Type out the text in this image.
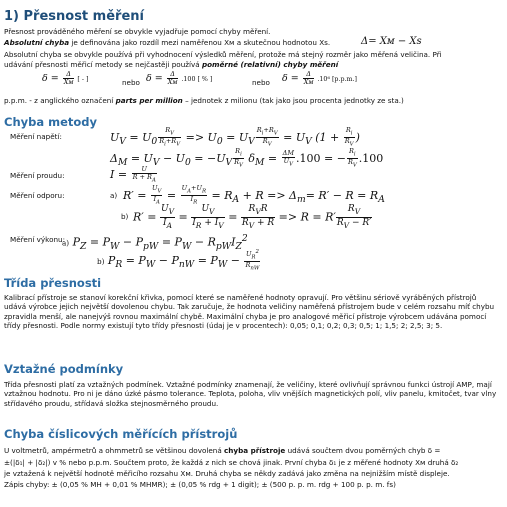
1) Přesnost měření
Přesnost prováděného měření se obvykle vyjadřuje pomocí chyby měření.
Absolutní chyba je definována jako rozdíl mezi naměřenou Xᴍ a skutečnou hodnotou Xs.	Δ= Xᴍ − Xs
Absolutní chyba se obvykle používá při vyhodnocení výsledků měření, protože má stejný rozměr jako měřená veličina. Při
udávání přesnosti měřicí metody se nejčastěji používá poměrné (relativní) chyby měření
$\delta = \frac{\Delta}{\text{Xᴍ}}$ [ - ]	nebo $\delta = \frac{\Delta}{\text{Xᴍ}} .100$ [ % ]	nebo $\delta = \frac{\Delta}{\text{Xᴍ}} .10^6$ [p.p.m.]
p.p.m. - z anglického označení parts per million – jednotek z milionu (tak jako jsou procenta jednotky ze sta.)
Chyba metody
Měření napětí:	$U_V = U_0 \frac{R_V}{R_i+R_V} => U_0 = U_V \frac{R_i+R_V}{R_V} = U_V$ ($1 + \frac{R_i}{R_V}$ )
$\Delta_M = U_V - U_0 = -U_V \frac{R_i}{R_V} \delta_M = \frac{\Delta M}{U_V} .100$ = − $\frac{R_i}{R_V} .100$
Měření proudu:	$I = \frac{U}{R + R_A}$
Měření odporu:	a) $R' = \frac{U_V}{I_A} = \frac{U_A+U_R}{I_R} = R_A + R => \Delta_m= R' - R = R_A$
b) $R' = \frac{U_V}{I_A} = \frac{U_V}{I_R + I_V} = \frac{R_VR}{R_V + R} => R = R' \frac{R_V}{R_V - R'}$
Měření výkonu:
a) $P_Z = P_W - P_{pW} = P_W - R_{pW}I_Z^2$
b) $P_R = P_W - P_{nW} = P_W - \frac{U_R^2}{R_{nW}}$
Třída přesnosti
Kalibrací přístroje se stanoví korekční křivka, pomocí které se naměřené hodnoty opravují. Pro většinu sériově vyráběných přístrojů udává výrobce jejich největší dovolenou chybu. Tak zaručuje, že hodnota veličiny naměřená přístrojem bude v celém rozsahu míť chybu zpravidla menší, ale nanejvýš rovnou maximální chybě. Maximální chyba je pro analogové měřicí přístroje výrobcem udávána pomocí třídy přesnosti. Podle normy existují tyto třídy přesnosti (údaj je v procentech): 0,05; 0,1; 0,2; 0,3; 0,5; 1; 1,5; 2; 2,5; 3; 5.
Vztažné podmínky
Třída přesnosti platí za vztažných podmínek. Vztažné podmínky znamenají, že veličiny, které ovlivňují správnou funkci ústrojí AMP, mají vztažnou hodnotu. Pro ni je dáno úzké pásmo tolerance. Teplota, poloha, vliv vnějších magnetických polí, vliv panelu, kmitočet, tvar vlny střídavého proudu, střídavá složka stejnosměrného proudu.
Chyba číslicových měřících přístrojů
U voltmetrů, ampérmetrů a ohmmetrů se většinou dovolená chyba přístroje udává součtem dvou poměrných chyb δ =
±(|δ₁| + |δ₂|) v % nebo p.p.m. Součtem proto, že každá z nich se chová jinak. První chyba δ₁ je z měřené hodnoty Xᴍ druhá δ₂
je vztažená k největší hodnotě měřicího rozsahu Xᴍ. Druhá chyba se někdy zadává jako změna na nejnižším místě displeje.
Zápis chyby: ± (0,05 % MH + 0,01 % MHMR); ± (0,05 % rdg + 1 digit); ± (500 p. p. m. rdg + 100 p. p. m. fs)
